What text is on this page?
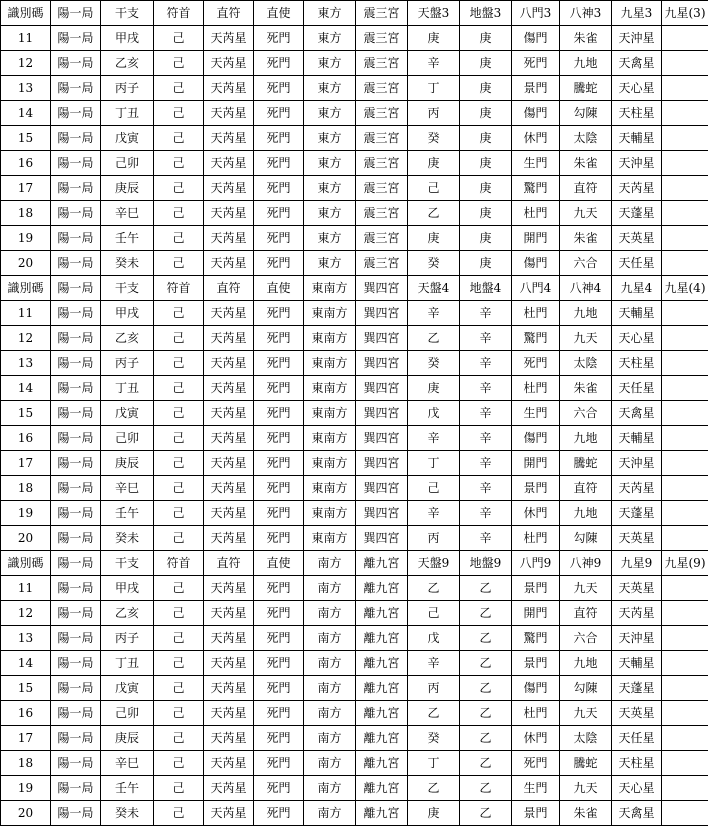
識別碼	陽一局	干支	符首	直符	直使	東方	震三宮	天盤3	地盤3	八門3	八神3	九星3	九星(3)
11	陽一局	甲戌	己	天芮星	死門	東方	震三宮	庚	庚	傷門	朱雀	天沖星	
12	陽一局	乙亥	己	天芮星	死門	東方	震三宮	辛	庚	死門	九地	天禽星	
13	陽一局	丙子	己	天芮星	死門	東方	震三宮	丁	庚	景門	騰蛇	天心星	
14	陽一局	丁丑	己	天芮星	死門	東方	震三宮	丙	庚	傷門	勾陳	天柱星	
15	陽一局	戊寅	己	天芮星	死門	東方	震三宮	癸	庚	休門	太陰	天輔星	
16	陽一局	己卯	己	天芮星	死門	東方	震三宮	庚	庚	生門	朱雀	天沖星	
17	陽一局	庚辰	己	天芮星	死門	東方	震三宮	己	庚	驚門	直符	天芮星	
18	陽一局	辛巳	己	天芮星	死門	東方	震三宮	乙	庚	杜門	九天	天蓬星	
19	陽一局	壬午	己	天芮星	死門	東方	震三宮	庚	庚	開門	朱雀	天英星	
20	陽一局	癸未	己	天芮星	死門	東方	震三宮	癸	庚	傷門	六合	天任星	
識別碼	陽一局	干支	符首	直符	直使	東南方	巽四宮	天盤4	地盤4	八門4	八神4	九星4	九星(4)
11	陽一局	甲戌	己	天芮星	死門	東南方	巽四宮	辛	辛	杜門	九地	天輔星	
12	陽一局	乙亥	己	天芮星	死門	東南方	巽四宮	乙	辛	驚門	九天	天心星	
13	陽一局	丙子	己	天芮星	死門	東南方	巽四宮	癸	辛	死門	太陰	天柱星	
14	陽一局	丁丑	己	天芮星	死門	東南方	巽四宮	庚	辛	杜門	朱雀	天任星	
15	陽一局	戊寅	己	天芮星	死門	東南方	巽四宮	戊	辛	生門	六合	天禽星	
16	陽一局	己卯	己	天芮星	死門	東南方	巽四宮	辛	辛	傷門	九地	天輔星	
17	陽一局	庚辰	己	天芮星	死門	東南方	巽四宮	丁	辛	開門	騰蛇	天沖星	
18	陽一局	辛巳	己	天芮星	死門	東南方	巽四宮	己	辛	景門	直符	天芮星	
19	陽一局	壬午	己	天芮星	死門	東南方	巽四宮	辛	辛	休門	九地	天蓬星	
20	陽一局	癸未	己	天芮星	死門	東南方	巽四宮	丙	辛	杜門	勾陳	天英星	
識別碼	陽一局	干支	符首	直符	直使	南方	離九宮	天盤9	地盤9	八門9	八神9	九星9	九星(9)
11	陽一局	甲戌	己	天芮星	死門	南方	離九宮	乙	乙	景門	九天	天英星	
12	陽一局	乙亥	己	天芮星	死門	南方	離九宮	己	乙	開門	直符	天芮星	
13	陽一局	丙子	己	天芮星	死門	南方	離九宮	戊	乙	驚門	六合	天沖星	
14	陽一局	丁丑	己	天芮星	死門	南方	離九宮	辛	乙	景門	九地	天輔星	
15	陽一局	戊寅	己	天芮星	死門	南方	離九宮	丙	乙	傷門	勾陳	天蓬星	
16	陽一局	己卯	己	天芮星	死門	南方	離九宮	乙	乙	杜門	九天	天英星	
17	陽一局	庚辰	己	天芮星	死門	南方	離九宮	癸	乙	休門	太陰	天任星	
18	陽一局	辛巳	己	天芮星	死門	南方	離九宮	丁	乙	死門	騰蛇	天柱星	
19	陽一局	壬午	己	天芮星	死門	南方	離九宮	乙	乙	生門	九天	天心星	
20	陽一局	癸未	己	天芮星	死門	南方	離九宮	庚	乙	景門	朱雀	天禽星	
